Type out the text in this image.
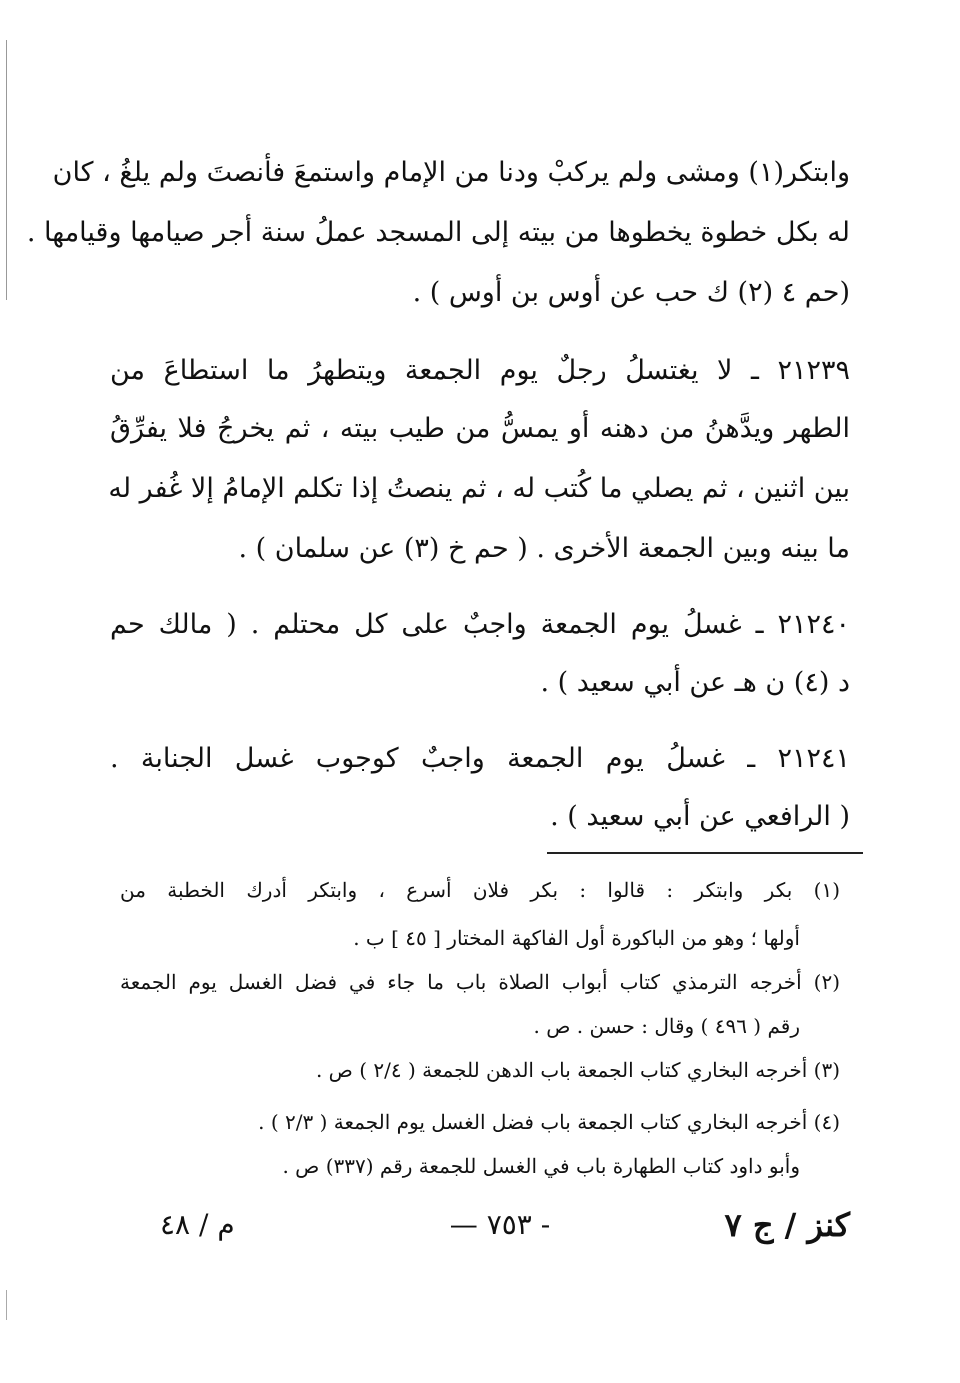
وابتكر(١) ومشى ولم يركبْ ودنا من الإمام واستمعَ فأنصتَ ولم يلغُ ، كان
له بكل خطوة يخطوها من بيته إلى المسجد عملُ سنة أجر صيامها وقيامها .
(حم ٤ (٢) ك حب عن أوس بن أوس ) .
٢١٢٣٩ ـ لا يغتسلُ رجلٌ يوم الجمعة ويتطهرُ ما استطاعَ من
الطهر ويدَّهنُ من دهنه أو يمسُّ من طيب بيته ، ثم يخرجُ فلا يفرِّقُ
بين اثنين ، ثم يصلي ما كُتب له ، ثم ينصتُ إذا تكلم الإمامُ إلا غُفر له
ما بينه وبين الجمعة الأخرى . ( حم خ (٣) عن سلمان ) .
٢١٢٤٠ ـ غسلُ يوم الجمعة واجبٌ على كل محتلم . ( مالك حم
د (٤) ن هـ عن أبي سعيد ) .
٢١٢٤١ ـ غسلُ يوم الجمعة واجبٌ كوجوب غسل الجنابة .
( الرافعي عن أبي سعيد ) .
(١) بكر وابتكر : قالوا : بكر فلان أسرع ، وابتكر أدرك الخطبة من
أولها ؛ وهو من الباكورة أول الفاكهة المختار [ ٤٥ ] ب .
(٢) أخرجه الترمذي كتاب أبواب الصلاة باب ما جاء في فضل الغسل يوم الجمعة
رقم ( ٤٩٦ ) وقال : حسن . ص .
(٣) أخرجه البخاري كتاب الجمعة باب الدهن للجمعة ( ٢/٤ ) ص .
(٤) أخرجه البخاري كتاب الجمعة باب فضل الغسل يوم الجمعة ( ٢/٣ ) .
وأبو داود كتاب الطهارة باب في الغسل للجمعة رقم (٣٣٧) ص .
كنز / ج ٧
- ٧٥٣ —
م / ٤٨
